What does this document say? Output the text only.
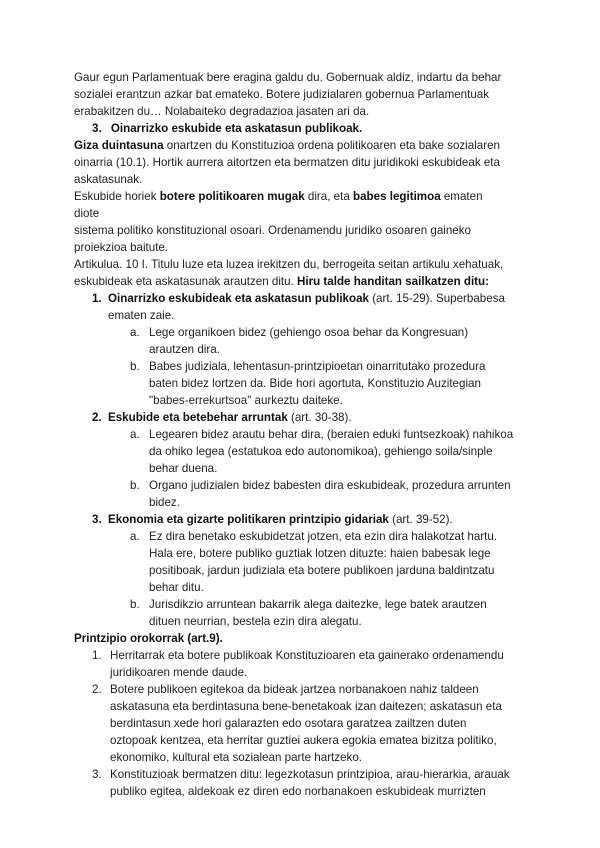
Gaur egun Parlamentuak bere eragina galdu du. Gobernuak aldiz, indartu da behar
sozialei erantzun azkar bat emateko. Botere judizialaren gobernua Parlamentuak
erabakitzen du… Nolabaiteko degradazioa jasaten ari da.
3. Oinarrizko eskubide eta askatasun publikoak.
Giza duintasuna onartzen du Konstituzioa ordena politikoaren eta bake sozialaren
oinarria (10.1). Hortik aurrera aitortzen eta bermatzen ditu juridikoki eskubideak eta
askatasunak.
Eskubide horiek botere politikoaren mugak dira, eta babes legitimoa ematen
diote
sistema politiko konstituzional osoari. Ordenamendu juridiko osoaren gaineko
proiekzioa baitute.
Artikulua. 10 I. Titulu luze eta luzea irekitzen du, berrogeita seitan artikulu xehatuak,
eskubideak eta askatasunak arautzen ditu. Hiru talde handitan sailkatzen ditu:
1. Oinarrizko eskubideak eta askatasun publikoak (art. 15-29). Superbabesa
ematen zaie.
a. Lege organikoen bidez (gehiengo osoa behar da Kongresuan)
arautzen dira.
b. Babes judiziala, lehentasun-printzipioetan oinarritutako prozedura
baten bidez lortzen da. Bide hori agortuta, Konstituzio Auzitegian
"babes-errekurtsoa" aurkeztu daiteke.
2. Eskubide eta betebehar arruntak (art. 30-38).
a. Legearen bidez arautu behar dira, (beraien eduki funtsezkoak) nahikoa
da ohiko legea (estatukoa edo autonomikoa), gehiengo soila/sinple
behar duena.
b. Organo judizialen bidez babesten dira eskubideak, prozedura arrunten
bidez.
3. Ekonomia eta gizarte politikaren printzipio gidariak (art. 39-52).
a. Ez dira benetako eskubidetzat jotzen, eta ezin dira halakotzat hartu.
Hala ere, botere publiko guztiak lotzen dituzte: haien babesak lege
positiboak, jardun judiziala eta botere publikoen jarduna baldintzatu
behar ditu.
b. Jurisdikzio arruntean bakarrik alega daitezke, lege batek arautzen
dituen neurrian, bestela ezin dira alegatu.
Printzipio orokorrak (art.9).
1. Herritarrak eta botere publikoak Konstituzioaren eta gainerako ordenamendu
juridikoaren mende daude.
2. Botere publikoen egitekoa da bideak jartzea norbanakoen nahiz taldeen
askatasuna eta berdintasuna bene-benetakoak izan daitezen; askatasun eta
berdintasun xede hori galarazten edo osotara garatzea zailtzen duten
oztopoak kentzea, eta herritar guztiei aukera egokia ematea bizitza politiko,
ekonomiko, kultural eta sozialean parte hartzeko.
3. Konstituzioak bermatzen ditu: legezkotasun printzipioa, arau-hierarkia, arauak
publiko egitea, aldekoak ez diren edo norbanakoen eskubideak murrizten
